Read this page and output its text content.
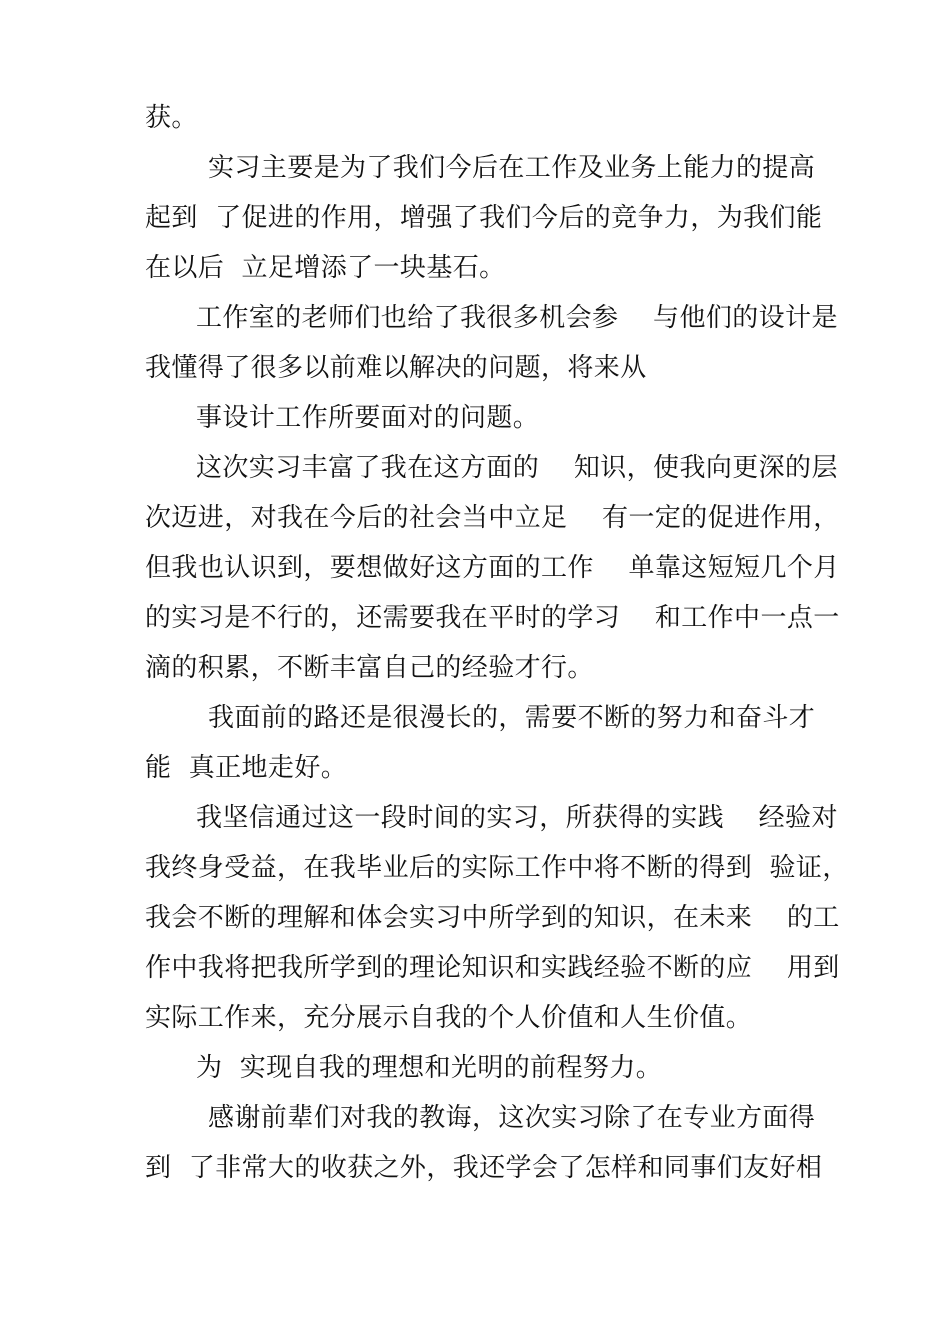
获。
实习主要是为了我们今后在工作及业务上能力的提高
起到  了促进的作用，增强了我们今后的竞争力，为我们能
在以后  立足增添了一块基石。
工作室的老师们也给了我很多机会参    与他们的设计是
我懂得了很多以前难以解决的问题，将来从
事设计工作所要面对的问题。
这次实习丰富了我在这方面的    知识，使我向更深的层
次迈进，对我在今后的社会当中立足    有一定的促进作用，
但我也认识到，要想做好这方面的工作    单靠这短短几个月
的实习是不行的，还需要我在平时的学习    和工作中一点一
滴的积累，不断丰富自己的经验才行。
我面前的路还是很漫长的，需要不断的努力和奋斗才
能  真正地走好。
我坚信通过这一段时间的实习，所获得的实践    经验对
我终身受益，在我毕业后的实际工作中将不断的得到  验证，
我会不断的理解和体会实习中所学到的知识，在未来    的工
作中我将把我所学到的理论知识和实践经验不断的应    用到
实际工作来，充分展示自我的个人价值和人生价值。
为  实现自我的理想和光明的前程努力。
感谢前辈们对我的教诲，这次实习除了在专业方面得
到  了非常大的收获之外，我还学会了怎样和同事们友好相
